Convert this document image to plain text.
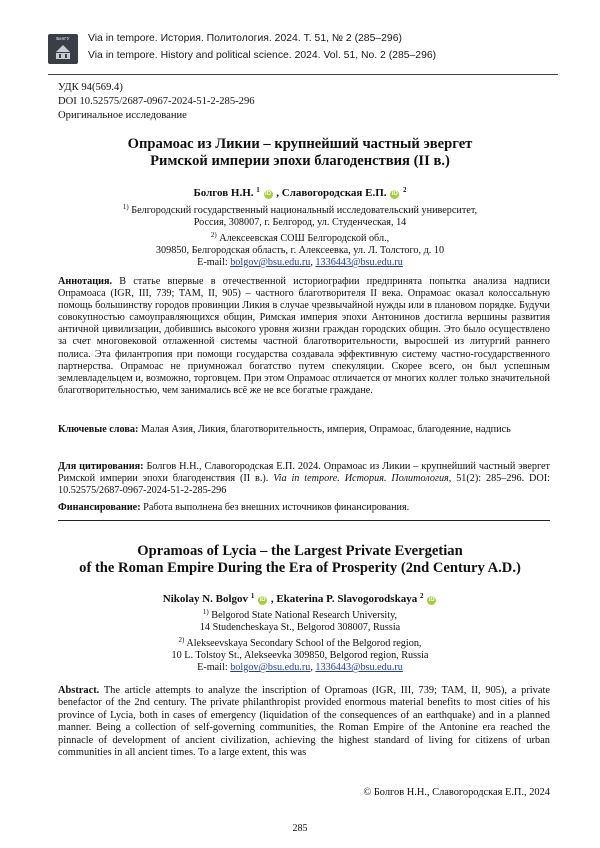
БелГУ	Via in tempore. История. Политология. 2024. Т. 51, № 2 (285–296)
Via in tempore. History and political science. 2024. Vol. 51, No. 2 (285–296)
УДК 94(569.4)
DOI 10.52575/2687-0967-2024-51-2-285-296
Оригинальное исследование
Опрамоас из Ликии – крупнейший частный эвергет
Римской империи эпохи благоденствия (II в.)
Болгов Н.Н. $^1$ iD , Славогородская Е.П. iD $^2$
$^{1)}$ Белгородский государственный национальный исследовательский университет,
Россия, 308007, г. Белгород, ул. Студенческая, 14
$^{2)}$ Алексеевская СОШ Белгородской обл.,
309850, Белгородская область, г. Алексеевка, ул. Л. Толстого, д. 10
E-mail: bolgov@bsu.edu.ru, 1336443@bsu.edu.ru
Аннотация. В статье впервые в отечественной историографии предпринята попытка анализа надписи Опрамоаса (IGR, III, 739; TAM, II, 905) – частного благотворителя II века. Опрамоас оказал колоссальную помощь большинству городов провинции Ликия в случае чрезвычайной нужды или в плановом порядке. Будучи совокупностью самоуправляющихся общин, Римская империя эпохи Антонинов достигла вершины развития античной цивилизации, добившись высокого уровня жизни граждан городских общин. Это было осуществлено за счет многовековой отлаженной системы частной благотворительности, выросшей из литургий раннего полиса. Эта филантропия при помощи государства создавала эффективную систему частно-государственного партнерства. Опрамоас не приумножал богатство путем спекуляции. Скорее всего, он был успешным землевладельцем и, возможно, торговцем. При этом Опрамоас отличается от многих коллег только значительной благотворительностью, чем занимались всё же не все богатые граждане.
Ключевые слова: Малая Азия, Ликия, благотворительность, империя, Опрамоас, благодеяние, надпись
Для цитирования: Болгов Н.Н., Славогородская Е.П. 2024. Опрамоас из Ликии – крупнейший частный эвергет Римской империи эпохи благоденствия (II в.). Via in tempore. История. Политология, 51(2): 285–296. DOI: 10.52575/2687-0967-2024-51-2-285-296
Финансирование: Работа выполнена без внешних источников финансирования.
Opramoas of Lycia – the Largest Private Evergetian
of the Roman Empire During the Era of Prosperity (2nd Century A.D.)
Nikolay N. Bolgov $^1$ iD , Ekaterina P. Slavogorodskaya $^2$ iD
$^{1)}$ Belgorod State National Research University,
14 Studencheskaya St., Belgorod 308007, Russia
$^{2)}$ Alekseevskaya Secondary School of the Belgorod region,
10 L. Tolstoy St., Alekseevka 309850, Belgorod region, Russia
E-mail: bolgov@bsu.edu.ru, 1336443@bsu.edu.ru
Abstract. The article attempts to analyze the inscription of Opramoas (IGR, III, 739; TAM, II, 905), a private benefactor of the 2nd century. The private philanthropist provided enormous material benefits to most cities of his province of Lycia, both in cases of emergency (liquidation of the consequences of an earthquake) and in a planned manner. Being a collection of self-governing communities, the Roman Empire of the Antonine era reached the pinnacle of development of ancient civilization, achieving the highest standard of living for citizens of urban communities in all ancient times. To a large extent, this was
© Болгов Н.Н., Славогородская Е.П., 2024
285
